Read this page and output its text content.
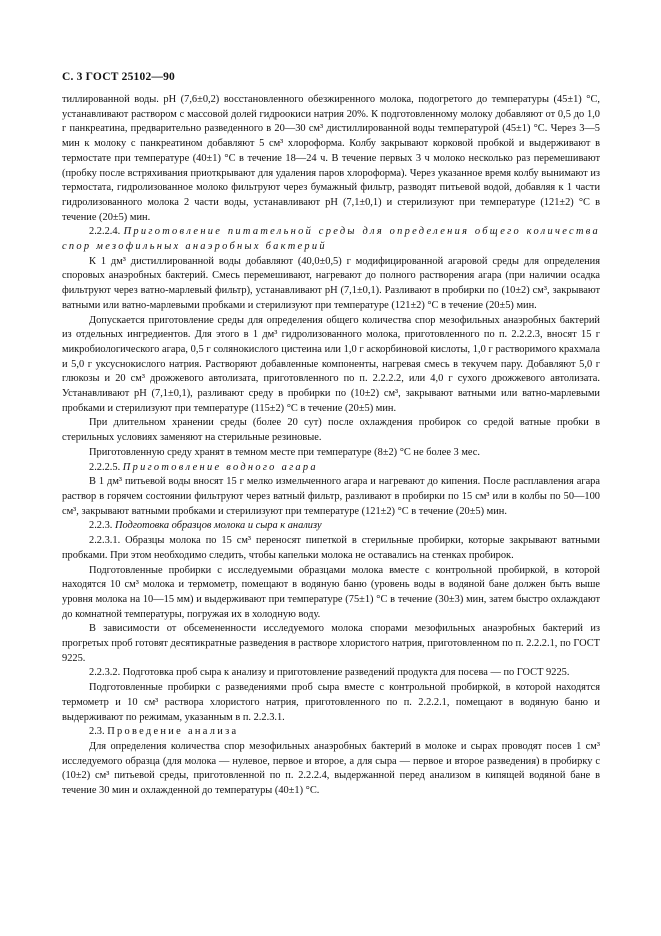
С. 3 ГОСТ 25102—90

тиллированной воды. pH (7,6±0,2) восстановленного обезжиренного молока, подогретого до температуры (45±1) °С, устанавливают раствором с массовой долей гидроокиси натрия 20%. К подготовленному молоку добавляют от 0,5 до 1,0 г панкреатина, предварительно разведенного в 20—30 см³ дистиллированной воды температурой (45±1) °С. Через 3—5 мин к молоку с панкреатином добавляют 5 см³ хлороформа. Колбу закрывают корковой пробкой и выдерживают в термостате при температуре (40±1) °С в течение 18—24 ч. В течение первых 3 ч молоко несколько раз перемешивают (пробку после встряхивания приоткрывают для удаления паров хлороформа). Через указанное время колбу вынимают из термостата, гидролизованное молоко фильтруют через бумажный фильтр, разводят питьевой водой, добавляя к 1 части гидролизованного молока 2 части воды, устанавливают pH (7,1±0,1) и стерилизуют при температуре (121±2) °С в течение (20±5) мин.

2.2.2.4. Приготовление питательной среды для определения общего количества спор мезофильных анаэробных бактерий

К 1 дм³ дистиллированной воды добавляют (40,0±0,5) г модифицированной агаровой среды для определения споровых анаэробных бактерий. Смесь перемешивают, нагревают до полного растворения агара (при наличии осадка фильтруют через ватно-марлевый фильтр), устанавливают pH (7,1±0,1). Разливают в пробирки по (10±2) см³, закрывают ватными или ватно-марлевыми пробками и стерилизуют при температуре (121±2) °С в течение (20±5) мин.

Допускается приготовление среды для определения общего количества спор мезофильных анаэробных бактерий из отдельных ингредиентов. Для этого в 1 дм³ гидролизованного молока, приготовленного по п. 2.2.2.3, вносят 15 г микробиологического агара, 0,5 г солянокислого цистеина или 1,0 г аскорбиновой кислоты, 1,0 г растворимого крахмала и 5,0 г уксуснокислого натрия. Растворяют добавленные компоненты, нагревая смесь в текучем пару. Добавляют 5,0 г глюкозы и 20 см³ дрожжевого автолизата, приготовленного по п. 2.2.2.2, или 4,0 г сухого дрожжевого автолизата. Устанавливают pH (7,1±0,1), разливают среду в пробирки по (10±2) см³, закрывают ватными или ватно-марлевыми пробками и стерилизуют при температуре (115±2) °С в течение (20±5) мин.

При длительном хранении среды (более 20 сут) после охлаждения пробирок со средой ватные пробки в стерильных условиях заменяют на стерильные резиновые.

Приготовленную среду хранят в темном месте при температуре (8±2) °С не более 3 мес.

2.2.2.5. Приготовление водного агара

В 1 дм³ питьевой воды вносят 15 г мелко измельченного агара и нагревают до кипения. После расплавления агара раствор в горячем состоянии фильтруют через ватный фильтр, разливают в пробирки по 15 см³ или в колбы по 50—100 см³, закрывают ватными пробками и стерилизуют при температуре (121±2) °С в течение (20±5) мин.

2.2.3. Подготовка образцов молока и сыра к анализу

2.2.3.1. Образцы молока по 15 см³ переносят пипеткой в стерильные пробирки, которые закрывают ватными пробками. При этом необходимо следить, чтобы капельки молока не оставались на стенках пробирок.

Подготовленные пробирки с исследуемыми образцами молока вместе с контрольной пробиркой, в которой находятся 10 см³ молока и термометр, помещают в водяную баню (уровень воды в водяной бане должен быть выше уровня молока на 10—15 мм) и выдерживают при температуре (75±1) °С в течение (30±3) мин, затем быстро охлаждают до комнатной температуры, погружая их в холодную воду.

В зависимости от обсемененности исследуемого молока спорами мезофильных анаэробных бактерий из прогретых проб готовят десятикратные разведения в растворе хлористого натрия, приготовленном по п. 2.2.2.1, по ГОСТ 9225.

2.2.3.2. Подготовка проб сыра к анализу и приготовление разведений продукта для посева — по ГОСТ 9225.

Подготовленные пробирки с разведениями проб сыра вместе с контрольной пробиркой, в которой находятся термометр и 10 см³ раствора хлористого натрия, приготовленного по п. 2.2.2.1, помещают в водяную баню и выдерживают по режимам, указанным в п. 2.2.3.1.

2.3. Проведение анализа

Для определения количества спор мезофильных анаэробных бактерий в молоке и сырах проводят посев 1 см³ исследуемого образца (для молока — нулевое, первое и второе, а для сыра — первое и второе разведения) в пробирку с (10±2) см³ питьевой среды, приготовленной по п. 2.2.2.4, выдержанной перед анализом в кипящей водяной бане в течение 30 мин и охлажденной до температуры (40±1) °С.
